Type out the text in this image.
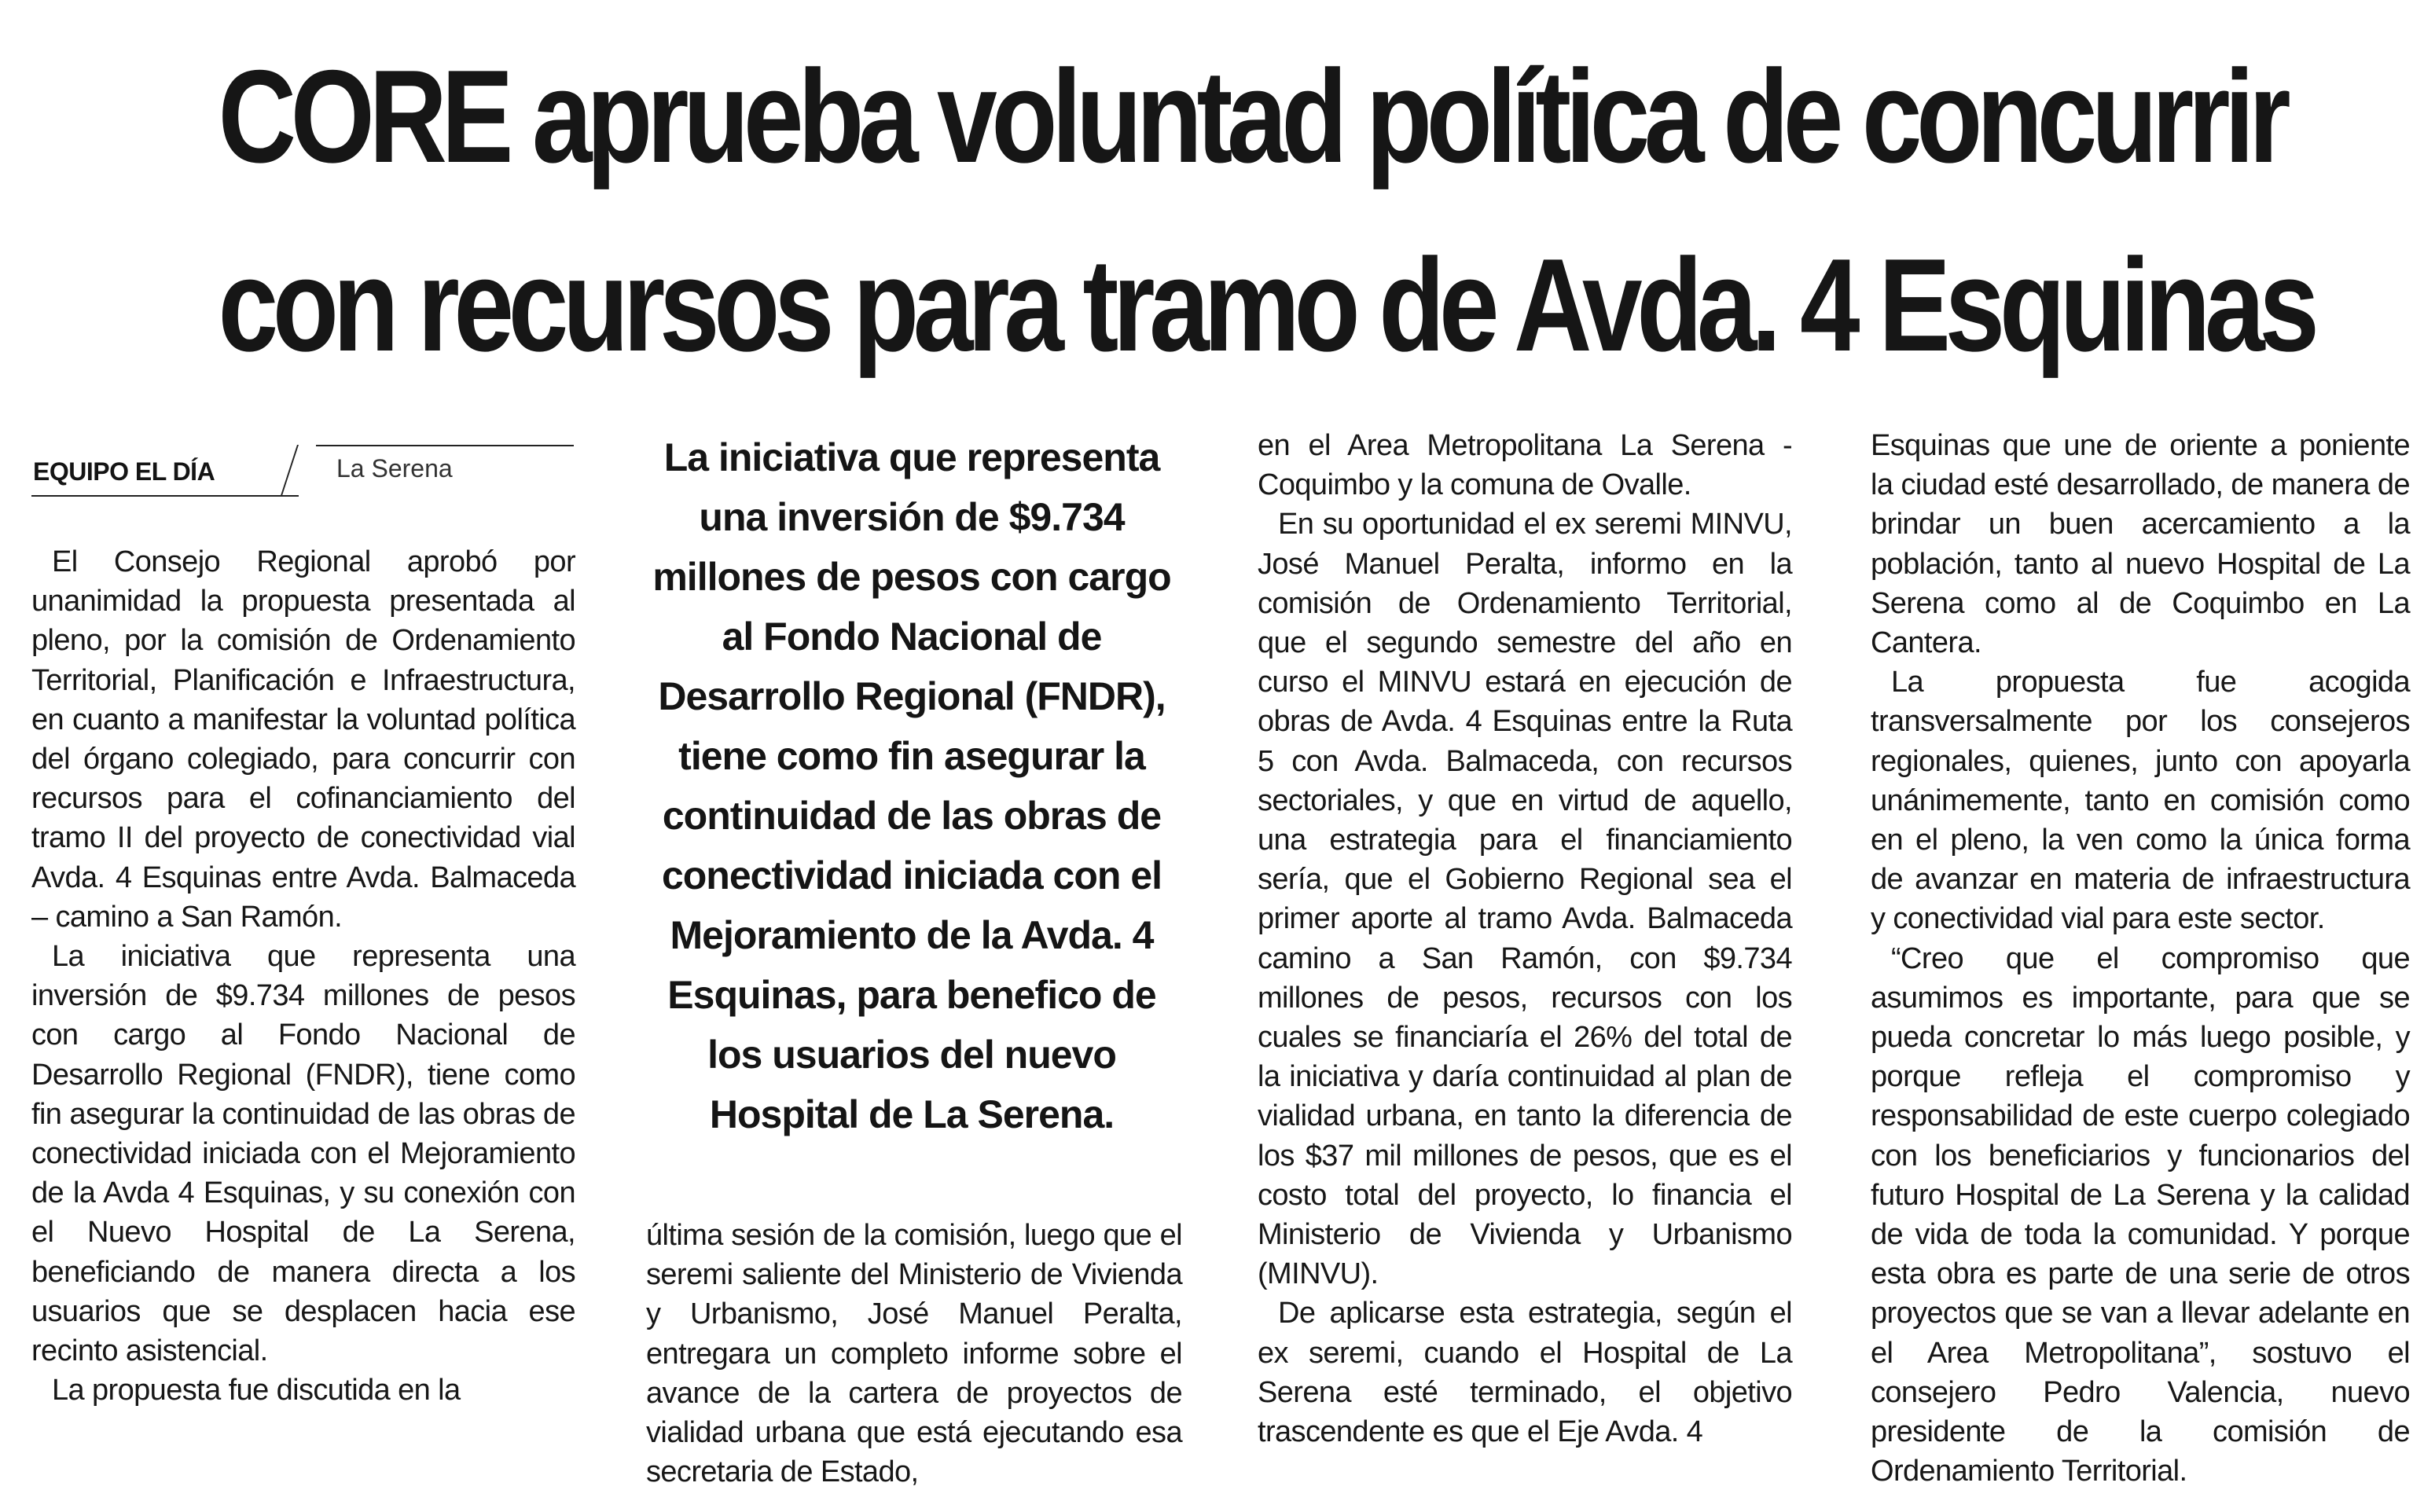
CORE aprueba voluntad política de concurrir
con recursos para tramo de Avda. 4 Esquinas
EQUIPO EL DÍA	La Serena

El Consejo Regional aprobó por unanimidad la propuesta presentada al pleno, por la comisión de Ordenamiento Territorial, Planificación e Infraestructura, en cuanto a manifestar la voluntad política del órgano colegiado, para concurrir con recursos para el cofinanciamiento del tramo II del proyecto de conectividad vial Avda. 4 Esquinas entre Avda. Balmaceda – camino a San Ramón.

La iniciativa que representa una inversión de $9.734 millones de pesos con cargo al Fondo Nacional de Desarrollo Regional (FNDR), tiene como fin asegurar la continuidad de las obras de conectividad iniciada con el Mejoramiento de la Avda 4 Esquinas, y su conexión con el Nuevo Hospital de La Serena, beneficiando de manera directa a los usuarios que se desplacen hacia ese recinto asistencial.

La propuesta fue discutida en la

La iniciativa que representa una inversión de $9.734 millones de pesos con cargo al Fondo Nacional de Desarrollo Regional (FNDR), tiene como fin asegurar la continuidad de las obras de conectividad iniciada con el Mejoramiento de la Avda. 4 Esquinas, para benefico de los usuarios del nuevo Hospital de La Serena.

última sesión de la comisión, luego que el seremi saliente del Ministerio de Vivienda y Urbanismo, José Manuel Peralta, entregara un completo informe sobre el avance de la cartera de proyectos de vialidad urbana que está ejecutando esa secretaria de Estado,

en el Area Metropolitana La Serena -Coquimbo y la comuna de Ovalle.

En su oportunidad el ex seremi MINVU, José Manuel Peralta, informo en la comisión de Ordenamiento Territorial, que el segundo semestre del año en curso el MINVU estará en ejecución de obras de Avda. 4 Esquinas entre la Ruta 5 con Avda. Balmaceda, con recursos sectoriales, y que en virtud de aquello, una estrategia para el financiamiento sería, que el Gobierno Regional sea el primer aporte al tramo Avda. Balmaceda camino a San Ramón, con $9.734 millones de pesos, recursos con los cuales se financiaría el 26% del total de la iniciativa y daría continuidad al plan de vialidad urbana, en tanto la diferencia de los $37 mil millones de pesos, que es el costo total del proyecto, lo financia el Ministerio de Vivienda y Urbanismo (MINVU).

De aplicarse esta estrategia, según el ex seremi, cuando el Hospital de La Serena esté terminado, el objetivo trascendente es que el Eje Avda. 4

Esquinas que une de oriente a poniente la ciudad esté desarrollado, de manera de brindar un buen acercamiento a la población, tanto al nuevo Hospital de La Serena como al de Coquimbo en La Cantera.

La propuesta fue acogida transversalmente por los consejeros regionales, quienes, junto con apoyarla unánimemente, tanto en comisión como en el pleno, la ven como la única forma de avanzar en materia de infraestructura y conectividad vial para este sector.

“Creo que el compromiso que asumimos es importante, para que se pueda concretar lo más luego posible, y porque refleja el compromiso y responsabilidad de este cuerpo colegiado con los beneficiarios y funcionarios del futuro Hospital de La Serena y la calidad de vida de toda la comunidad. Y porque esta obra es parte de una serie de otros proyectos que se van a llevar adelante en el Area Metropolitana”, sostuvo el consejero Pedro Valencia, nuevo presidente de la comisión de Ordenamiento Territorial.
